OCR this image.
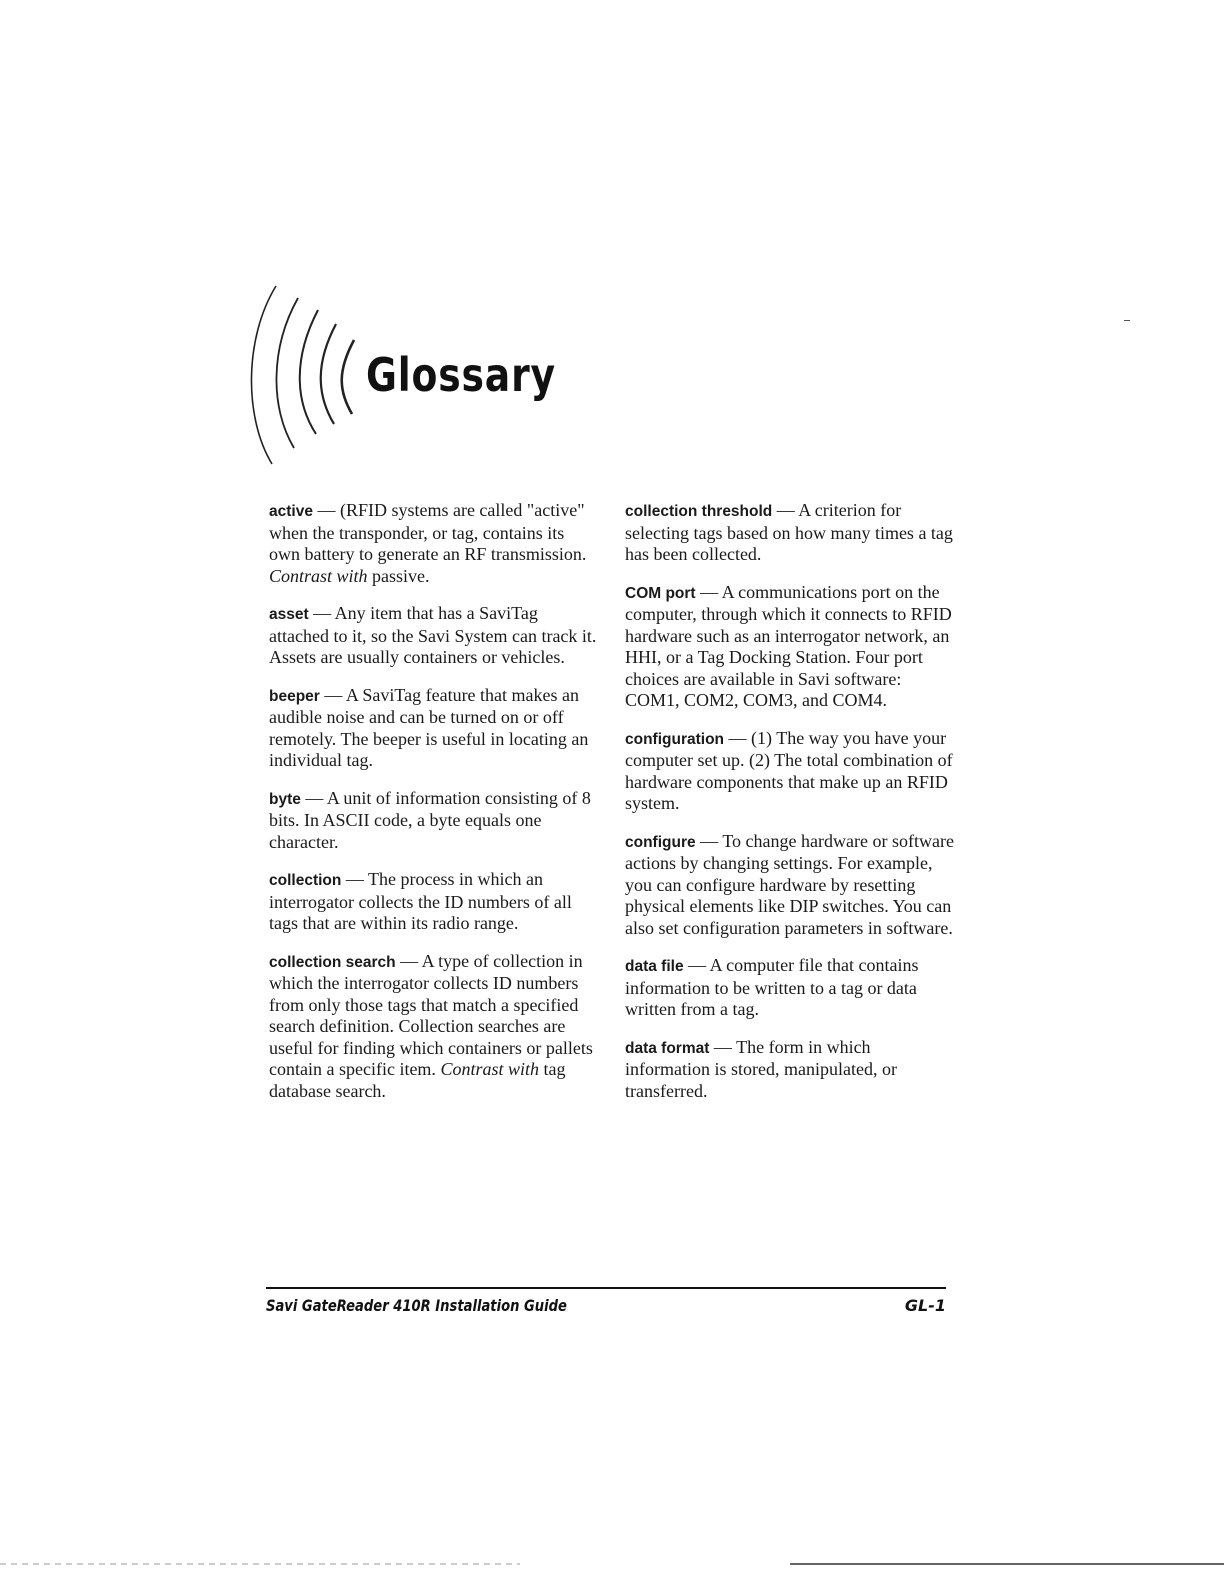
Glossary

active — (RFID systems are called "active" when the transponder, or tag, contains its own battery to generate an RF transmission. Contrast with passive.

asset — Any item that has a SaviTag attached to it, so the Savi System can track it. Assets are usually containers or vehicles.

beeper — A SaviTag feature that makes an audible noise and can be turned on or off remotely. The beeper is useful in locating an individual tag.

byte — A unit of information consisting of 8 bits. In ASCII code, a byte equals one character.

collection — The process in which an interrogator collects the ID numbers of all tags that are within its radio range.

collection search — A type of collection in which the interrogator collects ID numbers from only those tags that match a specified search definition. Collection searches are useful for finding which containers or pallets contain a specific item. Contrast with tag database search.

collection threshold — A criterion for selecting tags based on how many times a tag has been collected.

COM port — A communications port on the computer, through which it connects to RFID hardware such as an interrogator network, an HHI, or a Tag Docking Station. Four port choices are available in Savi software: COM1, COM2, COM3, and COM4.

configuration — (1) The way you have your computer set up. (2) The total combination of hardware components that make up an RFID system.

configure — To change hardware or software actions by changing settings. For example, you can configure hardware by resetting physical elements like DIP switches. You can also set configuration parameters in software.

data file — A computer file that contains information to be written to a tag or data written from a tag.

data format — The form in which information is stored, manipulated, or transferred.

Savi GateReader 410R Installation Guide	GL-1
